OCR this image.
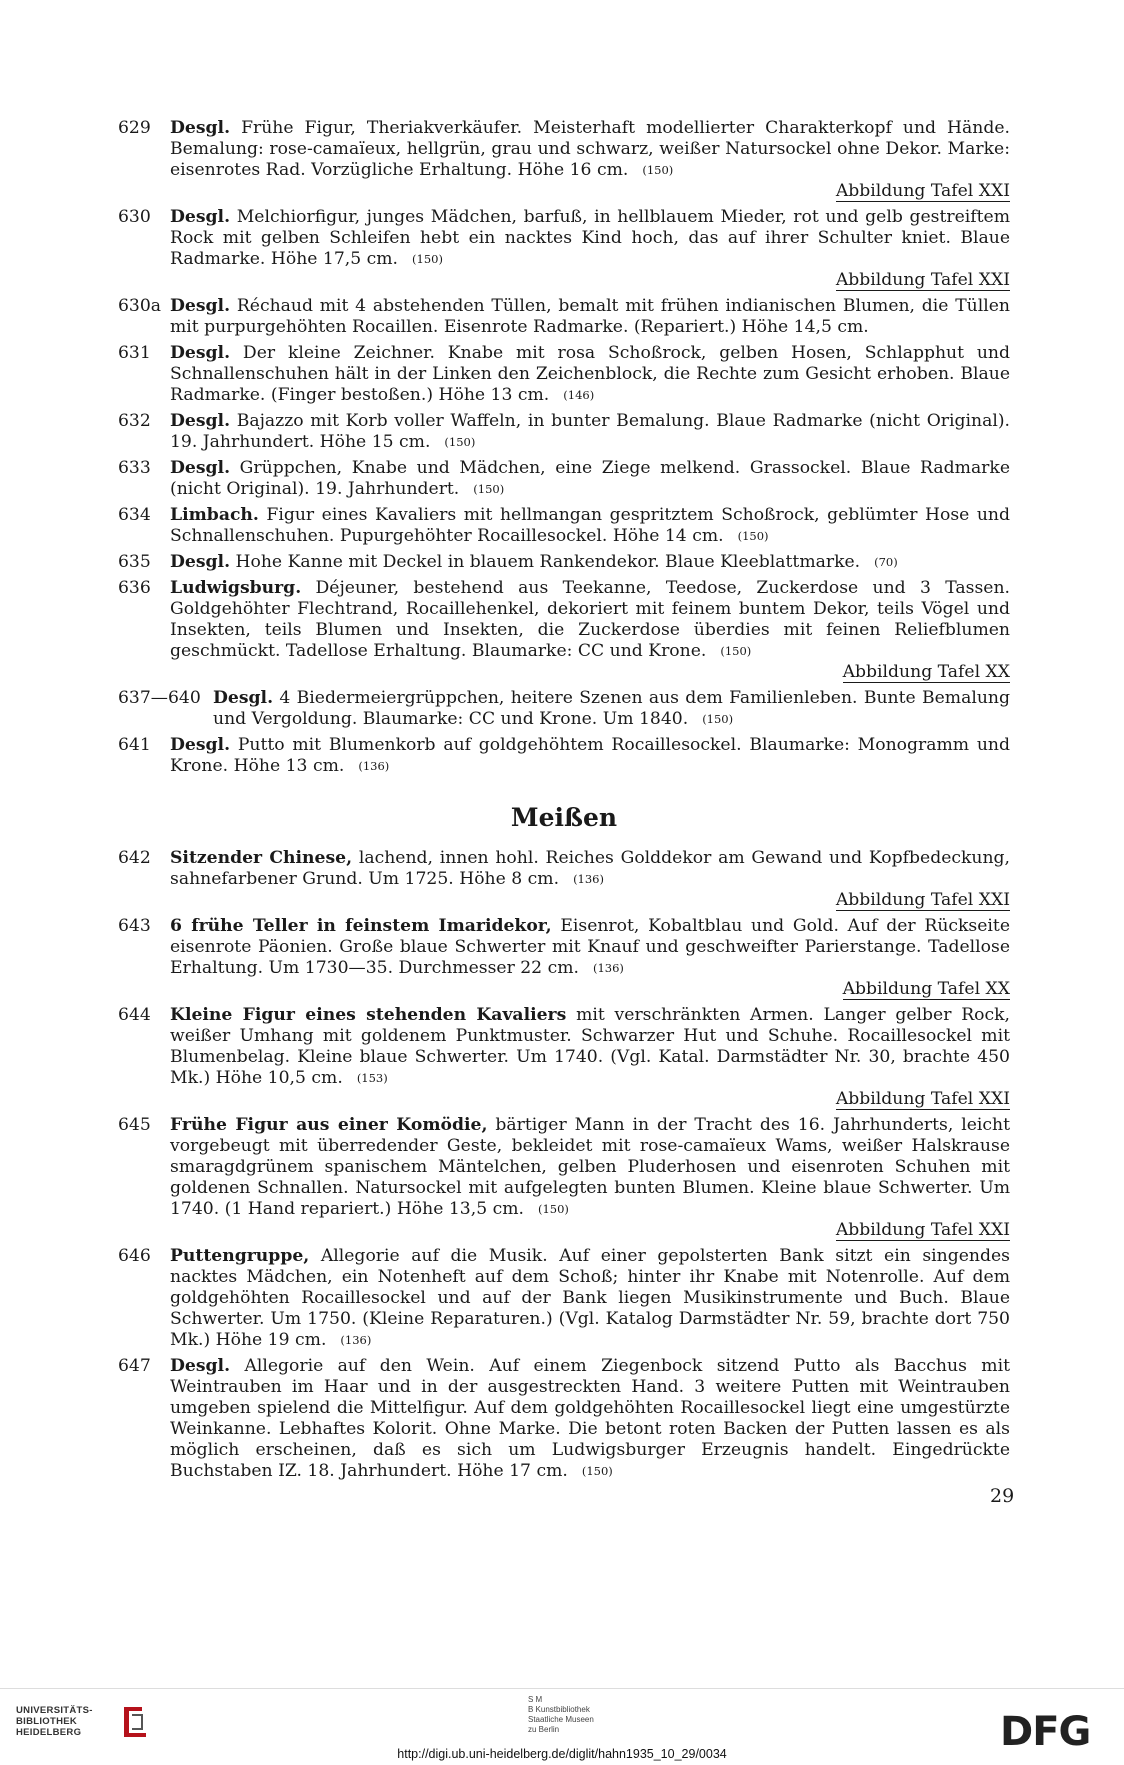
629	Desgl. Frühe Figur, Theriakverkäufer. Meisterhaft modellierter Charakterkopf und Hände. Bemalung: rose-camaïeux, hellgrün, grau und schwarz, weißer Natursockel ohne Dekor. Marke: eisenrotes Rad. Vorzügliche Erhaltung. Höhe 16 cm. (150)
Abbildung Tafel XXI
630	Desgl. Melchiorfigur, junges Mädchen, barfuß, in hellblauem Mieder, rot und gelb gestreiftem Rock mit gelben Schleifen hebt ein nacktes Kind hoch, das auf ihrer Schulter kniet. Blaue Radmarke. Höhe 17,5 cm. (150)
Abbildung Tafel XXI
630a Desgl. Réchaud mit 4 abstehenden Tüllen, bemalt mit frühen indianischen Blumen, die Tüllen mit purpurgehöhten Rocaillen. Eisenrote Radmarke. (Repariert.) Höhe 14,5 cm.
631	Desgl. Der kleine Zeichner. Knabe mit rosa Schoßrock, gelben Hosen, Schlapphut und Schnallenschuhen hält in der Linken den Zeichenblock, die Rechte zum Gesicht erhoben. Blaue Radmarke. (Finger bestoßen.) Höhe 13 cm. (146)
632	Desgl. Bajazzo mit Korb voller Waffeln, in bunter Bemalung. Blaue Radmarke (nicht Original). 19. Jahrhundert. Höhe 15 cm. (150)
633	Desgl. Grüppchen, Knabe und Mädchen, eine Ziege melkend. Grassockel. Blaue Radmarke (nicht Original). 19. Jahrhundert. (150)
634	Limbach. Figur eines Kavaliers mit hellmangan gespritztem Schoßrock, geblümter Hose und Schnallenschuhen. Pupurgehöhter Rocaillesockel. Höhe 14 cm. (150)
635	Desgl. Hohe Kanne mit Deckel in blauem Rankendekor. Blaue Kleeblattmarke. (70)
636	Ludwigsburg. Déjeuner, bestehend aus Teekanne, Teedose, Zuckerdose und 3 Tassen. Goldgehöhter Flechtrand, Rocaillehenkel, dekoriert mit feinem buntem Dekor, teils Vögel und Insekten, teils Blumen und Insekten, die Zuckerdose überdies mit feinen Reliefblumen geschmückt. Tadellose Erhaltung. Blaumarke: CC und Krone. (150)
Abbildung Tafel XX
637—640 Desgl. 4 Biedermeiergrüppchen, heitere Szenen aus dem Familienleben. Bunte Bemalung und Vergoldung. Blaumarke: CC und Krone. Um 1840. (150)
641	Desgl. Putto mit Blumenkorb auf goldgehöhtem Rocaillesockel. Blaumarke: Monogramm und Krone. Höhe 13 cm. (136)
Meißen
642	Sitzender Chinese, lachend, innen hohl. Reiches Golddekor am Gewand und Kopfbedeckung, sahnefarbener Grund. Um 1725. Höhe 8 cm. (136)
Abbildung Tafel XXI
643	6 frühe Teller in feinstem Imaridekor, Eisenrot, Kobaltblau und Gold. Auf der Rückseite eisenrote Päonien. Große blaue Schwerter mit Knauf und geschweifter Parierstange. Tadellose Erhaltung. Um 1730—35. Durchmesser 22 cm. (136)
Abbildung Tafel XX
644	Kleine Figur eines stehenden Kavaliers mit verschränkten Armen. Langer gelber Rock, weißer Umhang mit goldenem Punktmuster. Schwarzer Hut und Schuhe. Rocaillesockel mit Blumenbelag. Kleine blaue Schwerter. Um 1740. (Vgl. Katal. Darmstädter Nr. 30, brachte 450 Mk.) Höhe 10,5 cm. (153)
Abbildung Tafel XXI
645	Frühe Figur aus einer Komödie, bärtiger Mann in der Tracht des 16. Jahrhunderts, leicht vorgebeugt mit überredender Geste, bekleidet mit rose-camaïeux Wams, weißer Halskrause smaragdgrünem spanischem Mäntelchen, gelben Pluderhosen und eisenroten Schuhen mit goldenen Schnallen. Natursockel mit aufgelegten bunten Blumen. Kleine blaue Schwerter. Um 1740. (1 Hand repariert.) Höhe 13,5 cm. (150)
Abbildung Tafel XXI
646	Puttengruppe, Allegorie auf die Musik. Auf einer gepolsterten Bank sitzt ein singendes nacktes Mädchen, ein Notenheft auf dem Schoß; hinter ihr Knabe mit Notenrolle. Auf dem goldgehöhten Rocaillesockel und auf der Bank liegen Musikinstrumente und Buch. Blaue Schwerter. Um 1750. (Kleine Reparaturen.) (Vgl. Katalog Darmstädter Nr. 59, brachte dort 750 Mk.) Höhe 19 cm. (136)
647	Desgl. Allegorie auf den Wein. Auf einem Ziegenbock sitzend Putto als Bacchus mit Weintrauben im Haar und in der ausgestreckten Hand. 3 weitere Putten mit Weintrauben umgeben spielend die Mittelfigur. Auf dem goldgehöhten Rocaillesockel liegt eine umgestürzte Weinkanne. Lebhaftes Kolorit. Ohne Marke. Die betont roten Backen der Putten lassen es als möglich erscheinen, daß es sich um Ludwigsburger Erzeugnis handelt. Eingedrückte Buchstaben IZ. 18. Jahrhundert. Höhe 17 cm. (150)
29
UNIVERSITÄTS-
BIBLIOTHEK
HEIDELBERG
S M
B Kunstbibliothek
Staatliche Museen
zu Berlin	DFG
http://digi.ub.uni-heidelberg.de/diglit/hahn1935_10_29/0034
